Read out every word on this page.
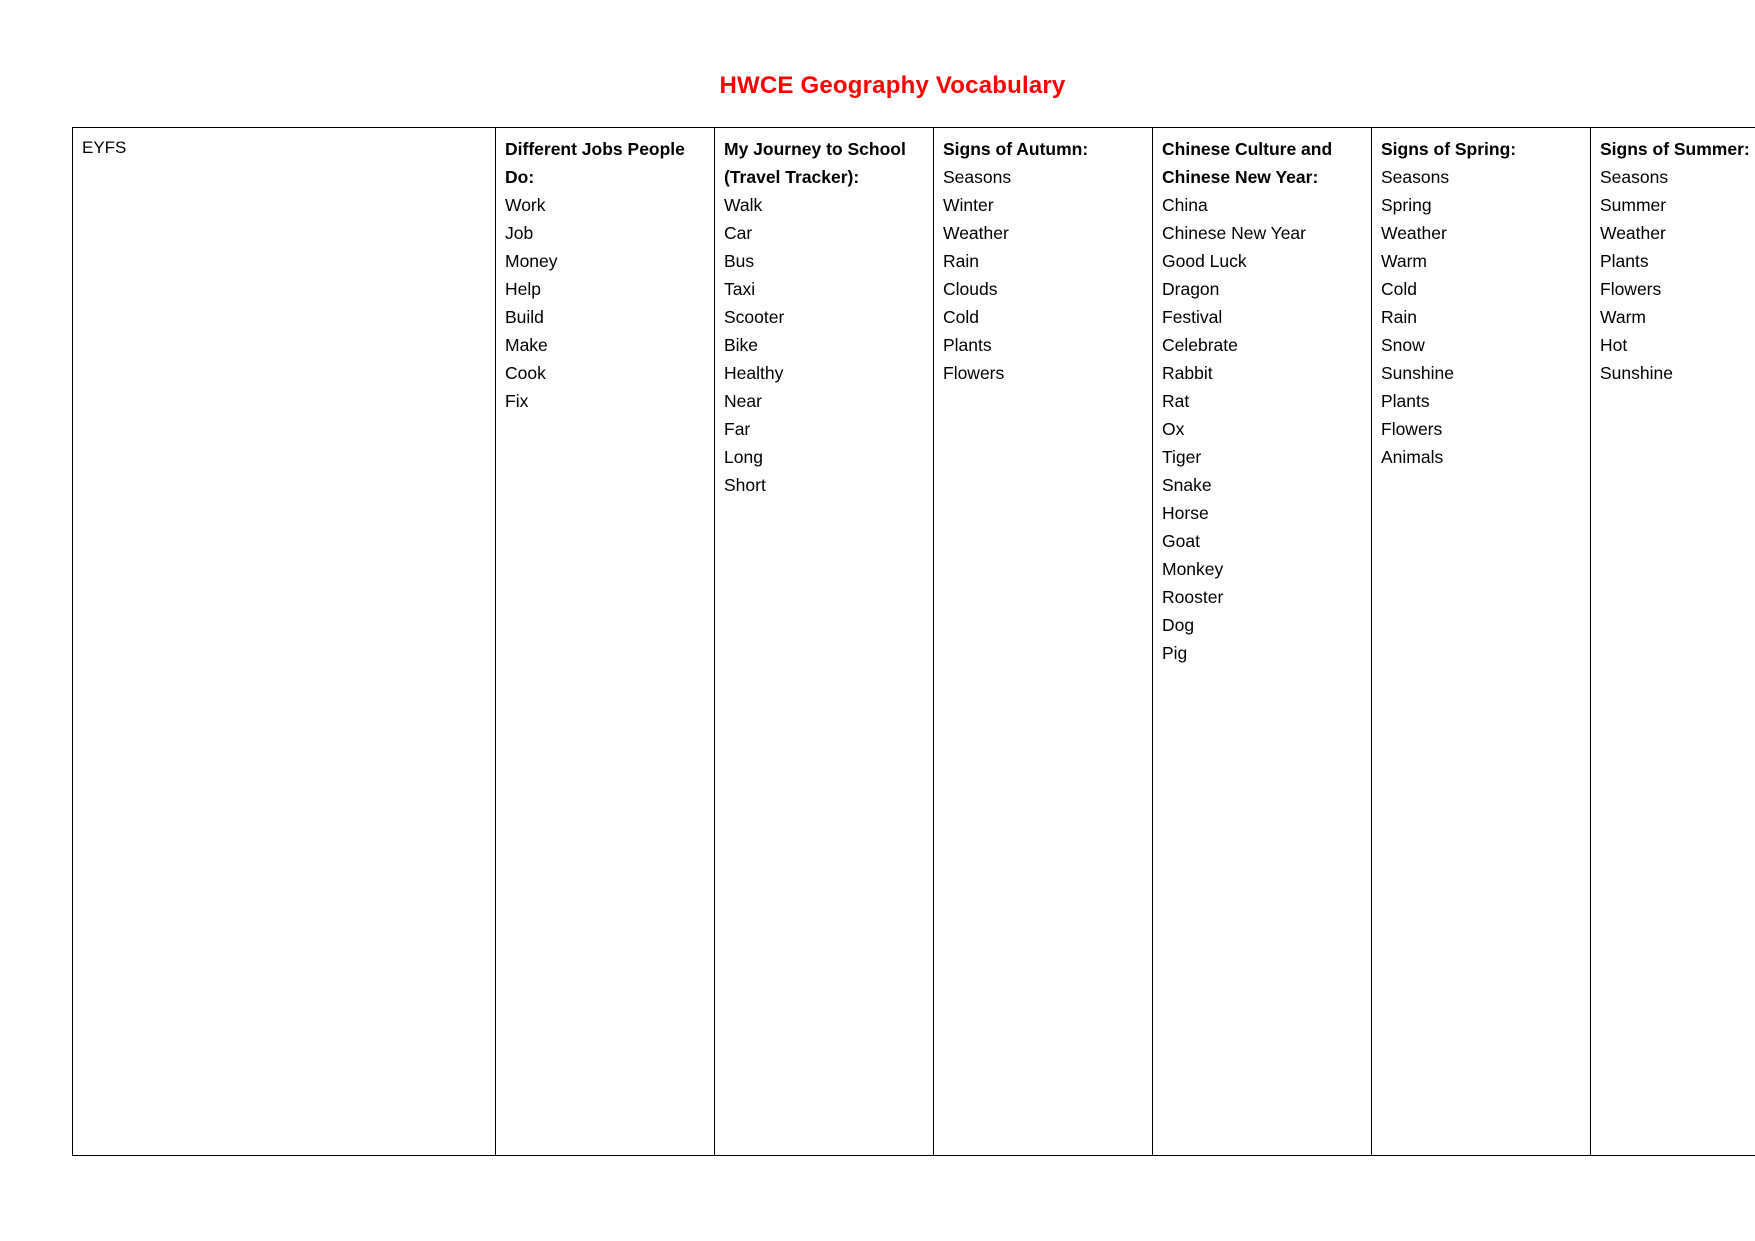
HWCE Geography Vocabulary
EYFS	Different Jobs People Do:
Work
Job
Money
Help
Build
Make
Cook
Fix

My Journey to School (Travel Tracker):
Walk
Car
Bus
Taxi
Scooter
Bike
Healthy
Near
Far
Long
Short

Signs of Autumn:
Seasons
Winter
Weather
Rain
Clouds
Cold
Plants
Flowers

Chinese Culture and Chinese New Year:
China
Chinese New Year
Good Luck
Dragon
Festival
Celebrate
Rabbit
Rat
Ox
Tiger
Snake
Horse
Goat
Monkey
Rooster
Dog
Pig

Signs of Spring:
Seasons
Spring
Weather
Warm
Cold
Rain
Snow
Sunshine
Plants
Flowers
Animals

Signs of Summer:
Seasons
Summer
Weather
Plants
Flowers
Warm
Hot
Sunshine
